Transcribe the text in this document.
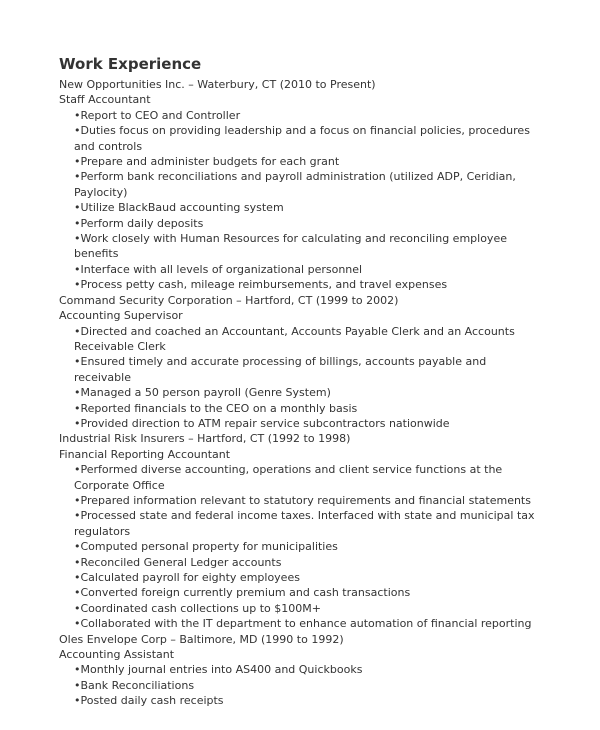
Work Experience
New Opportunities Inc. – Waterbury, CT (2010 to Present)
Staff Accountant
•Report to CEO and Controller
•Duties focus on providing leadership and a focus on financial policies, procedures and controls
•Prepare and administer budgets for each grant
•Perform bank reconciliations and payroll administration (utilized ADP, Ceridian, Paylocity)
•Utilize BlackBaud accounting system
•Perform daily deposits
•Work closely with Human Resources for calculating and reconciling employee benefits
•Interface with all levels of organizational personnel
•Process petty cash, mileage reimbursements, and travel expenses
Command Security Corporation – Hartford, CT (1999 to 2002)
Accounting Supervisor
•Directed and coached an Accountant, Accounts Payable Clerk and an Accounts Receivable Clerk
•Ensured timely and accurate processing of billings, accounts payable and receivable
•Managed a 50 person payroll (Genre System)
•Reported financials to the CEO on a monthly basis
•Provided direction to ATM repair service subcontractors nationwide
Industrial Risk Insurers – Hartford, CT (1992 to 1998)
Financial Reporting Accountant
•Performed diverse accounting, operations and client service functions at the Corporate Office
•Prepared information relevant to statutory requirements and financial statements
•Processed state and federal income taxes. Interfaced with state and municipal tax regulators
•Computed personal property for municipalities
•Reconciled General Ledger accounts
•Calculated payroll for eighty employees
•Converted foreign currently premium and cash transactions
•Coordinated cash collections up to $100M+
•Collaborated with the IT department to enhance automation of financial reporting
Oles Envelope Corp – Baltimore, MD (1990 to 1992)
Accounting Assistant
•Monthly journal entries into AS400 and Quickbooks
•Bank Reconciliations
•Posted daily cash receipts
